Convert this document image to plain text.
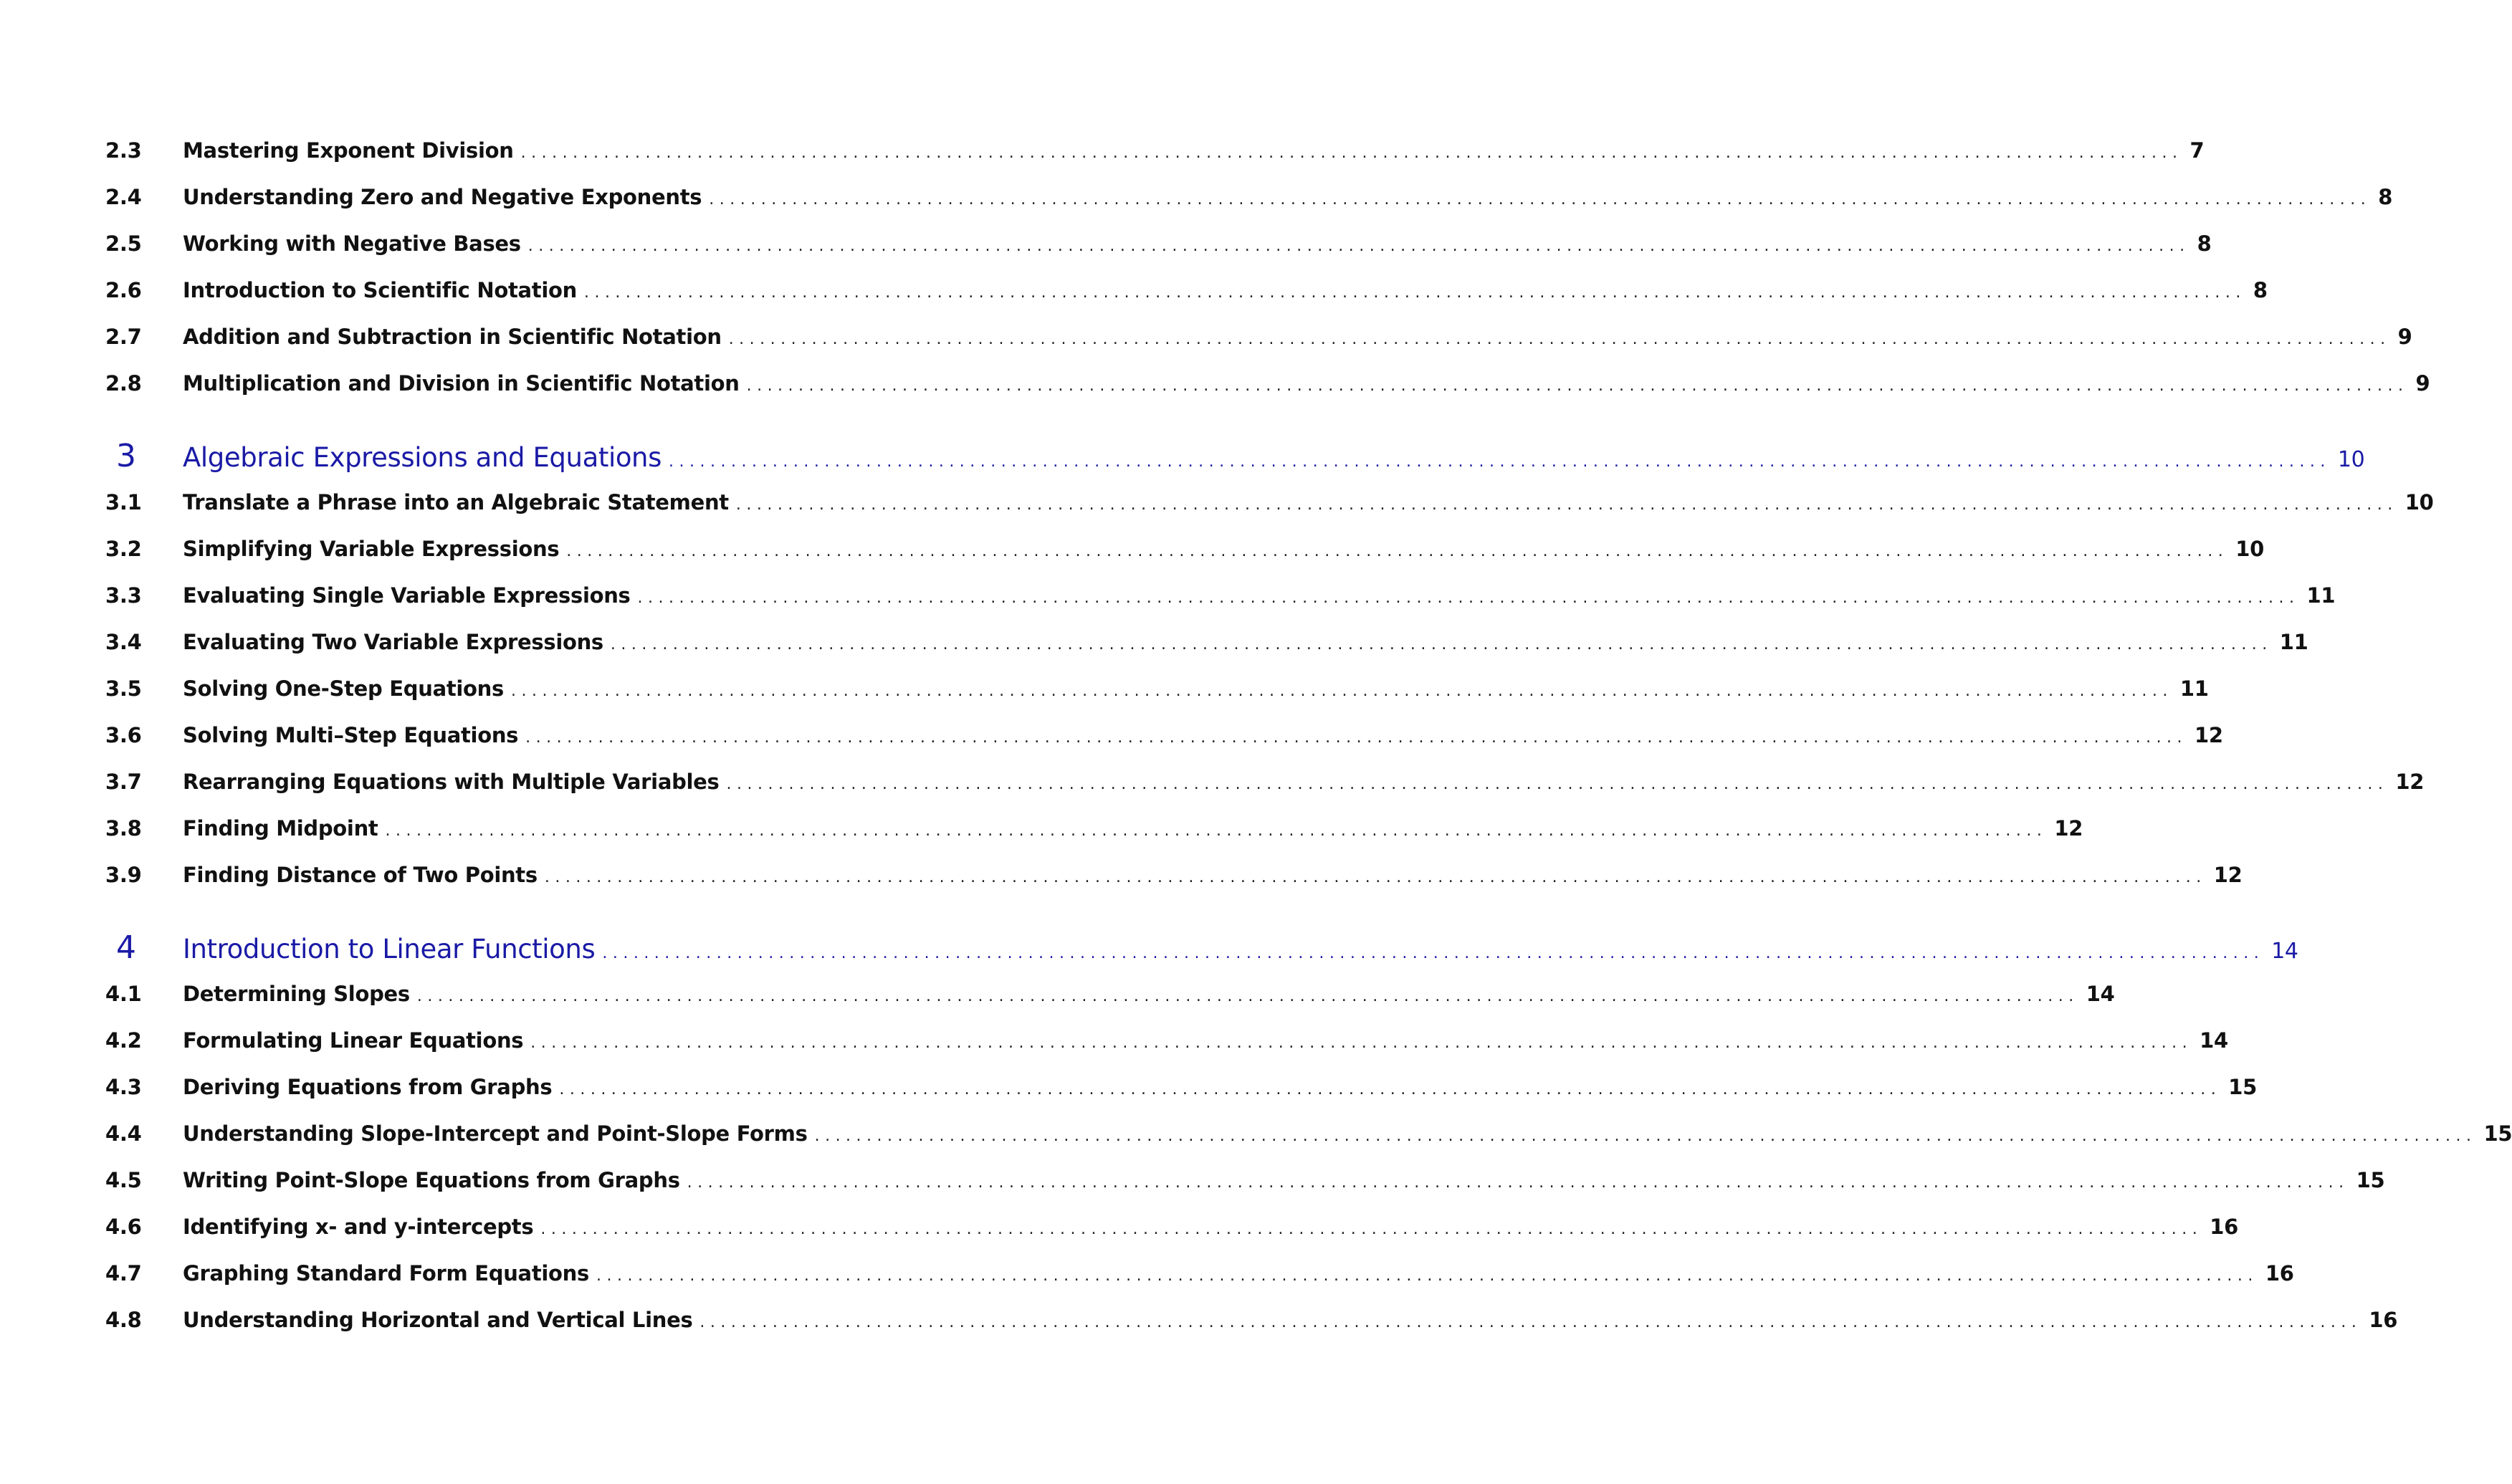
2.3	Mastering Exponent Division ................................................................................................................................................................ 7
2.4	Understanding Zero and Negative Exponents ................................................................................................................................................................ 8
2.5	Working with Negative Bases ................................................................................................................................................................ 8
2.6	Introduction to Scientific Notation ................................................................................................................................................................ 8
2.7	Addition and Subtraction in Scientific Notation ................................................................................................................................................................ 9
2.8	Multiplication and Division in Scientific Notation ................................................................................................................................................................ 9
3	Algebraic Expressions and Equations ................................................................................................................................................................ 10
3.1	Translate a Phrase into an Algebraic Statement ................................................................................................................................................................ 10
3.2	Simplifying Variable Expressions ................................................................................................................................................................ 10
3.3	Evaluating Single Variable Expressions ................................................................................................................................................................ 11
3.4	Evaluating Two Variable Expressions ................................................................................................................................................................ 11
3.5	Solving One-Step Equations ................................................................................................................................................................ 11
3.6	Solving Multi–Step Equations ................................................................................................................................................................ 12
3.7	Rearranging Equations with Multiple Variables ................................................................................................................................................................ 12
3.8	Finding Midpoint ................................................................................................................................................................ 12
3.9	Finding Distance of Two Points ................................................................................................................................................................ 12
4	Introduction to Linear Functions ................................................................................................................................................................ 14
4.1	Determining Slopes ................................................................................................................................................................ 14
4.2	Formulating Linear Equations ................................................................................................................................................................ 14
4.3	Deriving Equations from Graphs ................................................................................................................................................................ 15
4.4	Understanding Slope-Intercept and Point-Slope Forms ................................................................................................................................................................ 15
4.5	Writing Point-Slope Equations from Graphs ................................................................................................................................................................ 15
4.6	Identifying x- and y-intercepts ................................................................................................................................................................ 16
4.7	Graphing Standard Form Equations ................................................................................................................................................................ 16
4.8	Understanding Horizontal and Vertical Lines ................................................................................................................................................................ 16
